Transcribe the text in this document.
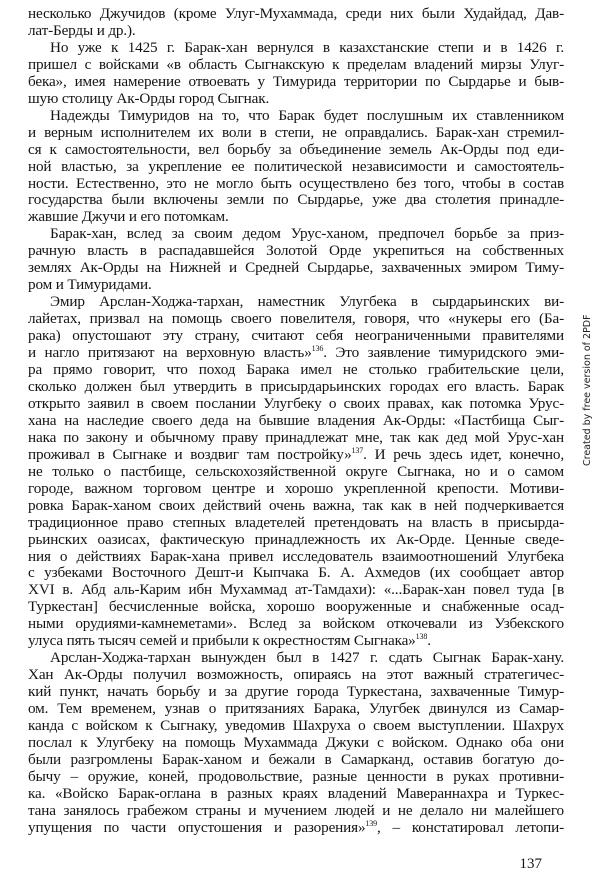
несколько Джучидов (кроме Улуг-Мухаммада, среди них были Худайдад, Дав-
лат-Берды и др.).
Но уже к 1425 г. Барак-хан вернулся в казахстанские степи и в 1426 г.
пришел с войсками «в область Сыгнакскую к пределам владений мирзы Улуг-
бека», имея намерение отвоевать у Тимурида территории по Сырдарье и быв-
шую столицу Ак-Орды город Сыгнак.
Надежды Тимуридов на то, что Барак будет послушным их ставленником
и верным исполнителем их воли в степи, не оправдались. Барак-хан стремил-
ся к самостоятельности, вел борьбу за объединение земель Ак-Орды под еди-
ной властью, за укрепление ее политической независимости и самостоятель-
ности. Естественно, это не могло быть осуществлено без того, чтобы в состав
государства были включены земли по Сырдарье, уже два столетия принадле-
жавшие Джучи и его потомкам.
Барак-хан, вслед за своим дедом Урус-ханом, предпочел борьбе за приз-
рачную власть в распадавшейся Золотой Орде укрепиться на собственных
землях Ак-Орды на Нижней и Средней Сырдарье, захваченных эмиром Тиму-
ром и Тимуридами.
Эмир Арслан-Ходжа-тархан, наместник Улугбека в сырдарьинских ви-
лайетах, призвал на помощь своего повелителя, говоря, что «нукеры его (Ба-
рака) опустошают эту страну, считают себя неограниченными правителями
и нагло притязают на верховную власть»$^{136}$. Это заявление тимуридского эми-
ра прямо говорит, что поход Барака имел не столько грабительские цели,
сколько должен был утвердить в присырдарьинских городах его власть. Барак
открыто заявил в своем послании Улугбеку о своих правах, как потомка Урус-
хана на наследие своего деда на бывшие владения Ак-Орды: «Пастбища Сыг-
нака по закону и обычному праву принадлежат мне, так как дед мой Урус-хан
проживал в Сыгнаке и воздвиг там постройку»$^{137}$. И речь здесь идет, конечно,
не только о пастбище, сельскохозяйственной округе Сыгнака, но и о самом
городе, важном торговом центре и хорошо укрепленной крепости. Мотиви-
ровка Барак-ханом своих действий очень важна, так как в ней подчеркивается
традиционное право степных владетелей претендовать на власть в присырда-
рьинских оазисах, фактическую принадлежность их Ак-Орде. Ценные сведе-
ния о действиях Барак-хана привел исследователь взаимоотношений Улугбека
с узбеками Восточного Дешт-и Кыпчака Б. А. Ахмедов (их сообщает автор
XVI в. Абд аль-Карим ибн Мухаммад ат-Тамдахи): «...Барак-хан повел туда [в
Туркестан] бесчисленные войска, хорошо вооруженные и снабженные осад-
ными орудиями-камнеметами». Вслед за войском откочевали из Узбекского
улуса пять тысяч семей и прибыли к окрестностям Сыгнака»$^{138}$.
Арслан-Ходжа-тархан вынужден был в 1427 г. сдать Сыгнак Барак-хану.
Хан Ак-Орды получил возможность, опираясь на этот важный стратегичес-
кий пункт, начать борьбу и за другие города Туркестана, захваченные Тимур-
ом. Тем временем, узнав о притязаниях Барака, Улугбек двинулся из Самар-
канда с войском к Сыгнаку, уведомив Шахруха о своем выступлении. Шахрух
послал к Улугбеку на помощь Мухаммада Джуки с войском. Однако оба они
были разгромлены Барак-ханом и бежали в Самарканд, оставив богатую до-
бычу – оружие, коней, продовольствие, разные ценности в руках противни-
ка. «Войско Барак-оглана в разных краях владений Мавераннахра и Туркес-
тана занялось грабежом страны и мучением людей и не делало ни малейшего
упущения по части опустошения и разорения»$^{139}$, – констатировал летопи-
Created by free version of 2PDF
137
